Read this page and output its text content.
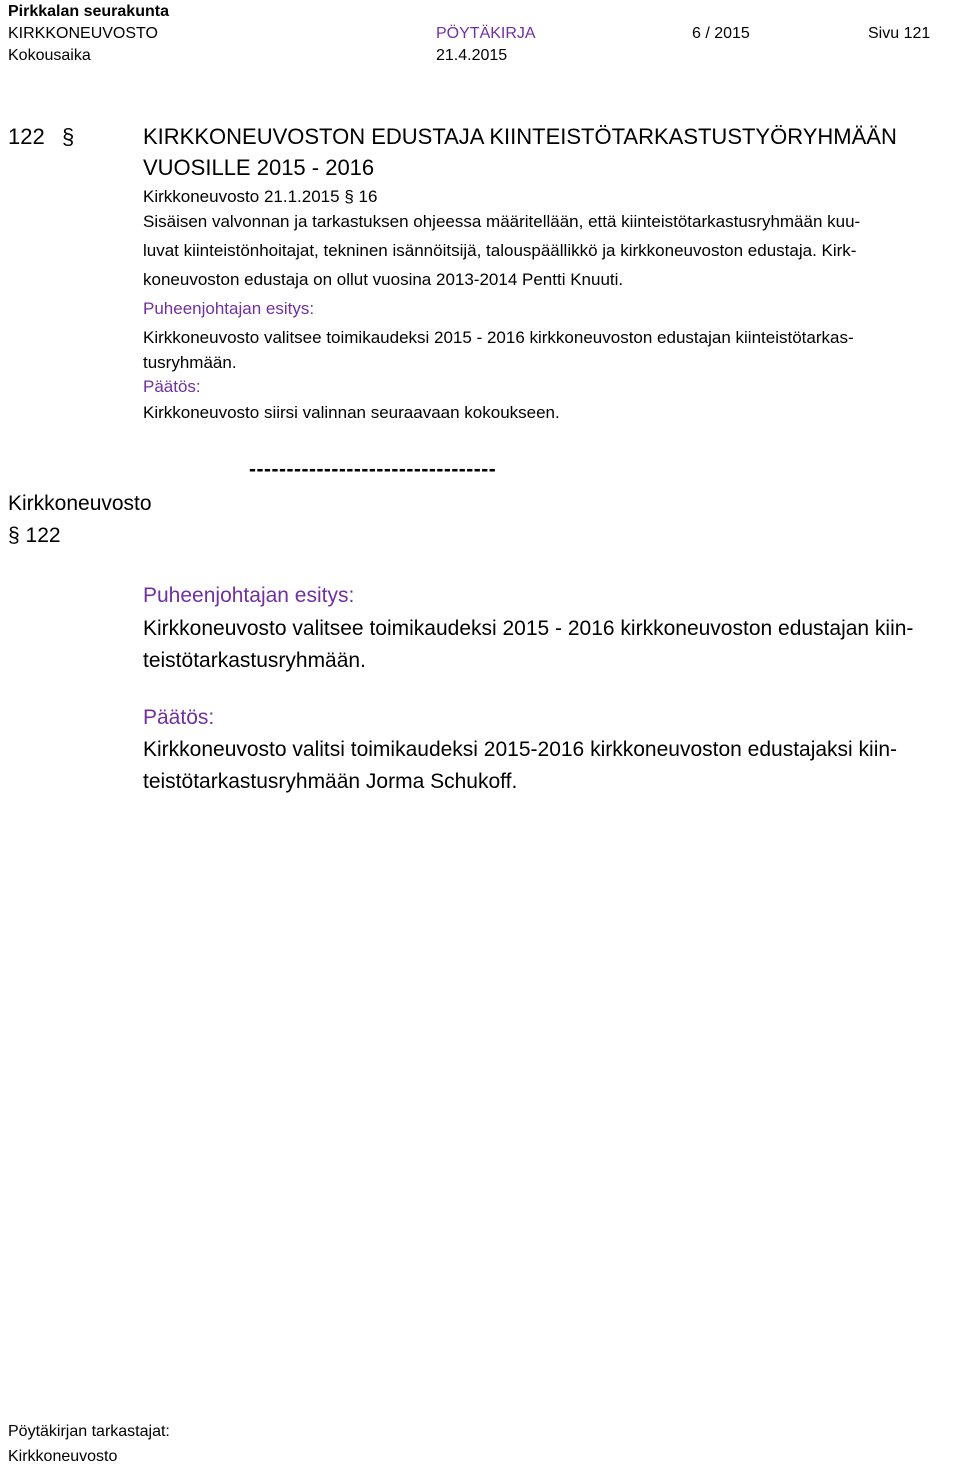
Pirkkalan seurakunta
KIRKKONEUVOSTO	PÖYTÄKIRJA	6 / 2015	Sivu 121
Kokousaika	21.4.2015
122 §	KIRKKONEUVOSTON EDUSTAJA KIINTEISTÖTARKASTUSTYÖRYHMÄÄN
VUOSILLE 2015 - 2016
Kirkkoneuvosto 21.1.2015 § 16
Sisäisen valvonnan ja tarkastuksen ohjeessa määritellään, että kiinteistötarkastusryhmään kuu-
luvat kiinteistönhoitajat, tekninen isännöitsijä, talouspäällikkö ja kirkkoneuvoston edustaja. Kirk-
koneuvoston edustaja on ollut vuosina 2013-2014 Pentti Knuuti.
Puheenjohtajan esitys:
Kirkkoneuvosto valitsee toimikaudeksi 2015 - 2016 kirkkoneuvoston edustajan kiinteistötarkas-
tusryhmään.
Päätös:
Kirkkoneuvosto siirsi valinnan seuraavaan kokoukseen.
---------------------------------
Kirkkoneuvosto
§ 122
Puheenjohtajan esitys:
Kirkkoneuvosto valitsee toimikaudeksi 2015 - 2016 kirkkoneuvoston edustajan kiin-
teistötarkastusryhmään.
Päätös:
Kirkkoneuvosto valitsi toimikaudeksi 2015-2016 kirkkoneuvoston edustajaksi kiin-
teistötarkastusryhmään Jorma Schukoff.
Pöytäkirjan tarkastajat:
Kirkkoneuvosto
